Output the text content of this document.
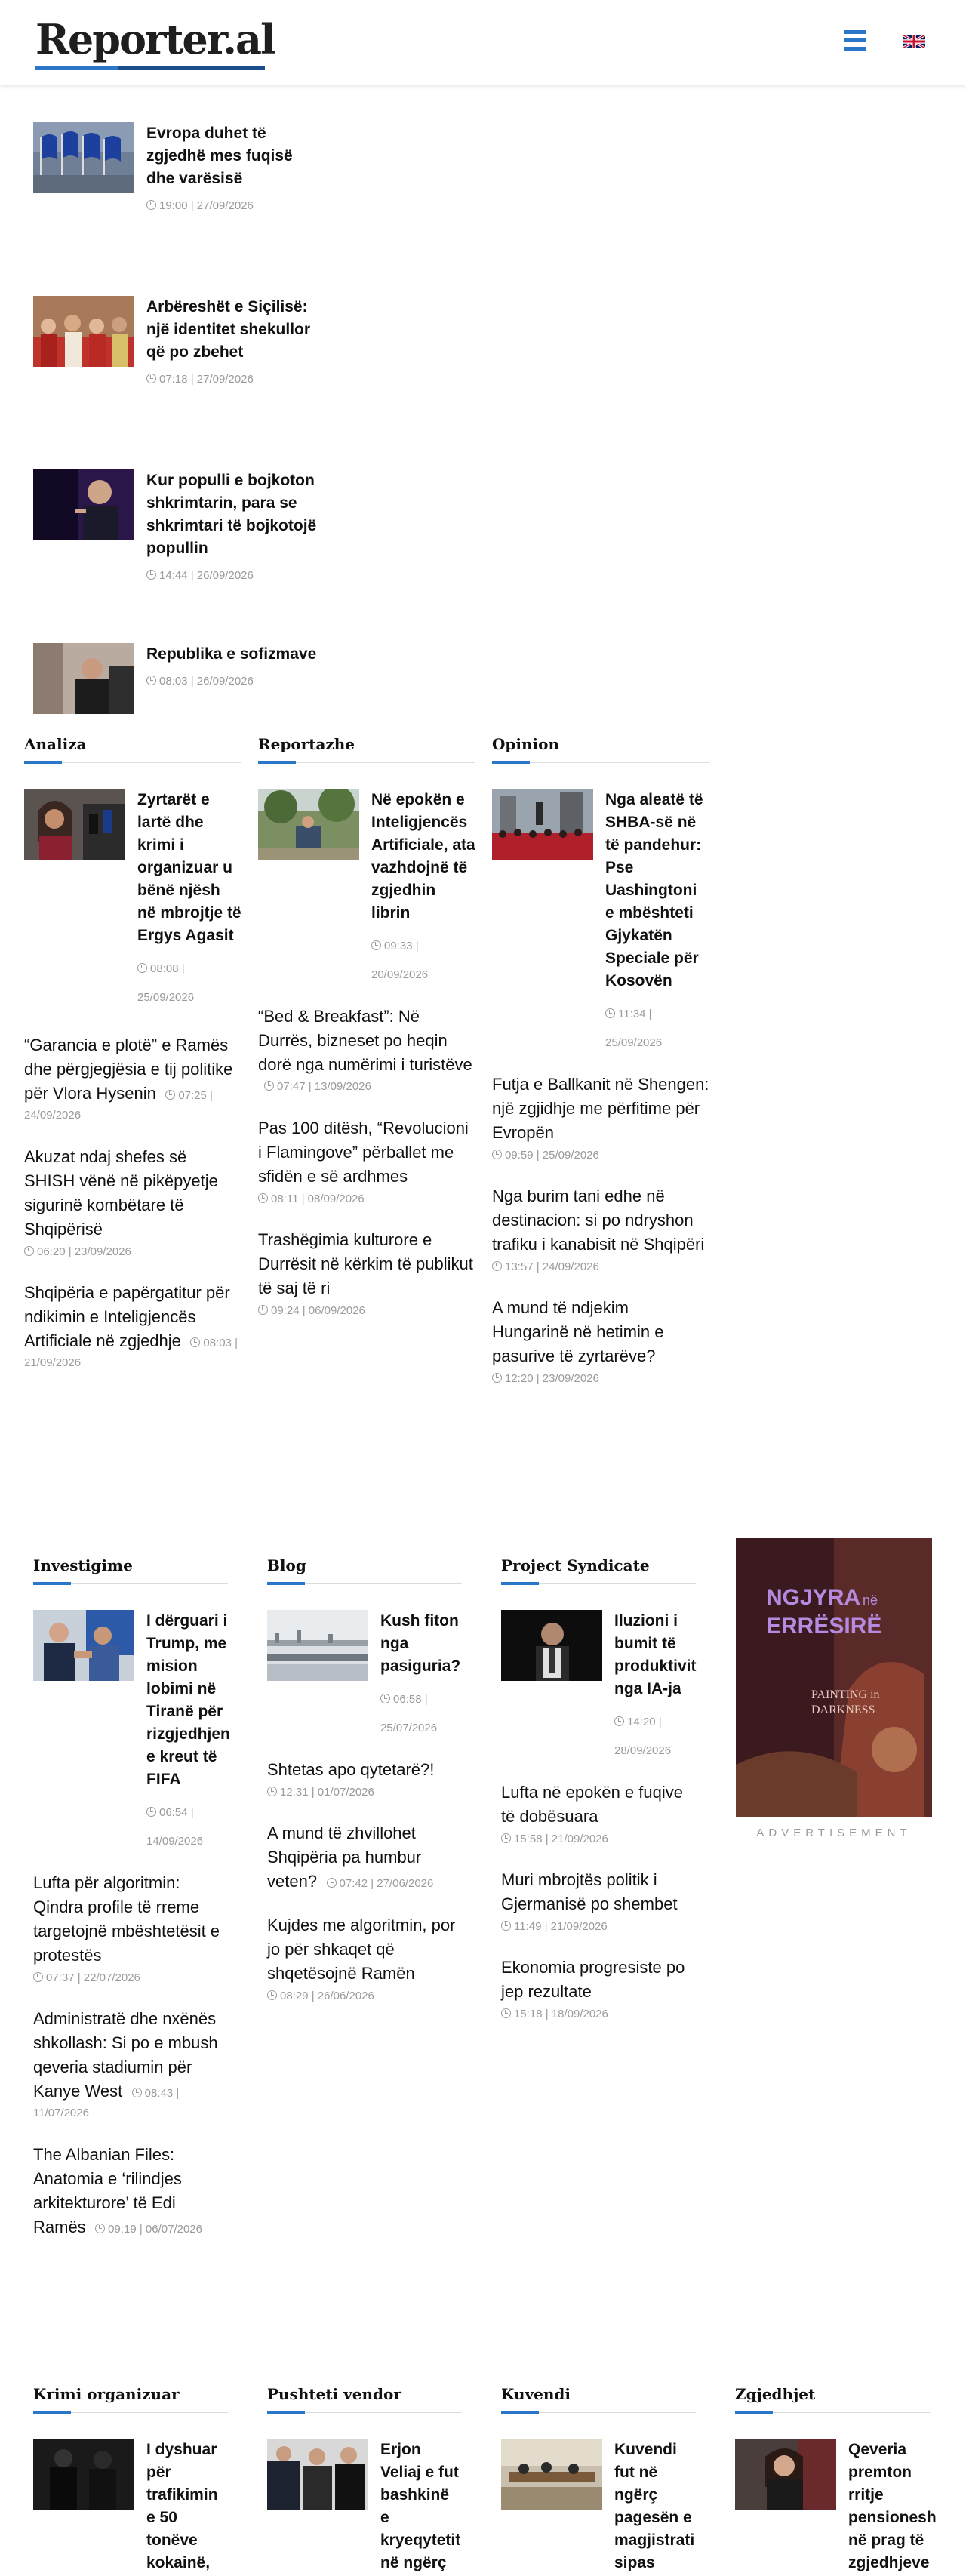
Reporter.al
Evropa duhet të zgjedhë mes fuqisë dhe varësisë
19:00 | 27/09/2026
Arbëreshët e Siçilisë: një identitet shekullor që po zbehet
07:18 | 27/09/2026
Kur populli e bojkoton shkrimtarin, para se shkrimtari të bojkotojë popullin
14:44 | 26/09/2026
Republika e sofizmave
08:03 | 26/09/2026
Analiza
Zyrtarët e lartë dhe krimi i organizuar u bënë njësh në mbrojtje të Ergys Agasit
08:08 | 25/09/2026
“Garancia e plotë” e Ramës dhe përgjegjësia e tij politike për Vlora Hysenin 07:25 | 24/09/2026
Akuzat ndaj shefes së SHISH vënë në pikëpyetje sigurinë kombëtare të Shqipërisë
06:20 | 23/09/2026
Shqipëria e papërgatitur për ndikimin e Inteligjencës Artificiale në zgjedhje 08:03 | 21/09/2026
Reportazhe
Në epokën e Inteligjencës Artificiale, ata vazhdojnë të zgjedhin librin
09:33 | 20/09/2026
“Bed & Breakfast”: Në Durrës, bizneset po heqin dorë nga numërimi i turistëve 07:47 | 13/09/2026
Pas 100 ditësh, “Revolucioni i Flamingove” përballet me sfidën e së ardhmes
08:11 | 08/09/2026
Trashëgimia kulturore e Durrësit në kërkim të publikut të saj të ri
09:24 | 06/09/2026
Opinion
Nga aleatë të SHBA-së në të pandehur: Pse Uashingtoni e mbështeti Gjykatën Speciale për Kosovën
11:34 | 25/09/2026
Futja e Ballkanit në Shengen: një zgjidhje me përfitime për Evropën
09:59 | 25/09/2026
Nga burim tani edhe në destinacion: si po ndryshon trafiku i kanabisit në Shqipëri
13:57 | 24/09/2026
A mund të ndjekim Hungarinë në hetimin e pasurive të zyrtarëve?
12:20 | 23/09/2026
Investigime
I dërguari i Trump, me mision lobimi në Tiranë për rizgjedhjen e kreut të FIFA
06:54 | 14/09/2026
Lufta për algoritmin: Qindra profile të rreme targetojnë mbështetësit e protestës
07:37 | 22/07/2026
Administratë dhe nxënës shkollash: Si po e mbush qeveria stadiumin për Kanye West 08:43 | 11/07/2026
The Albanian Files: Anatomia e ‘rilindjes arkitekturore’ të Edi Ramës 09:19 | 06/07/2026
Blog
Kush fiton nga pasiguria?
06:58 | 25/07/2026
Shtetas apo qytetarë?!
12:31 | 01/07/2026
A mund të zhvillohet Shqipëria pa humbur veten? 07:42 | 27/06/2026
Kujdes me algoritmin, por jo për shkaqet që shqetësojnë Ramën
08:29 | 26/06/2026
Project Syndicate
Iluzioni i bumit të produktivit nga IA-ja
14:20 | 28/09/2026
Lufta në epokën e fuqive të dobësuara
15:58 | 21/09/2026
Muri mbrojtës politik i Gjermanisë po shembet
11:49 | 21/09/2026
Ekonomia progresiste po jep rezultate
15:18 | 18/09/2026
NGJYRA në
ERRËSIRË
PAINTING in
DARKNESS
ADVERTISEMENT
Krimi organizuar
I dyshuar për trafikimin e 50 tonëve kokainë,
Pushteti vendor
Erjon Veliaj e fut bashkinë e kryeqytetit në ngërç
Kuvendi
Kuvendi fut në ngërç pagesën e magjistrati sipas
Zgjedhjet
Qeveria premton rritje pensionesh në prag të zgjedhjeve
